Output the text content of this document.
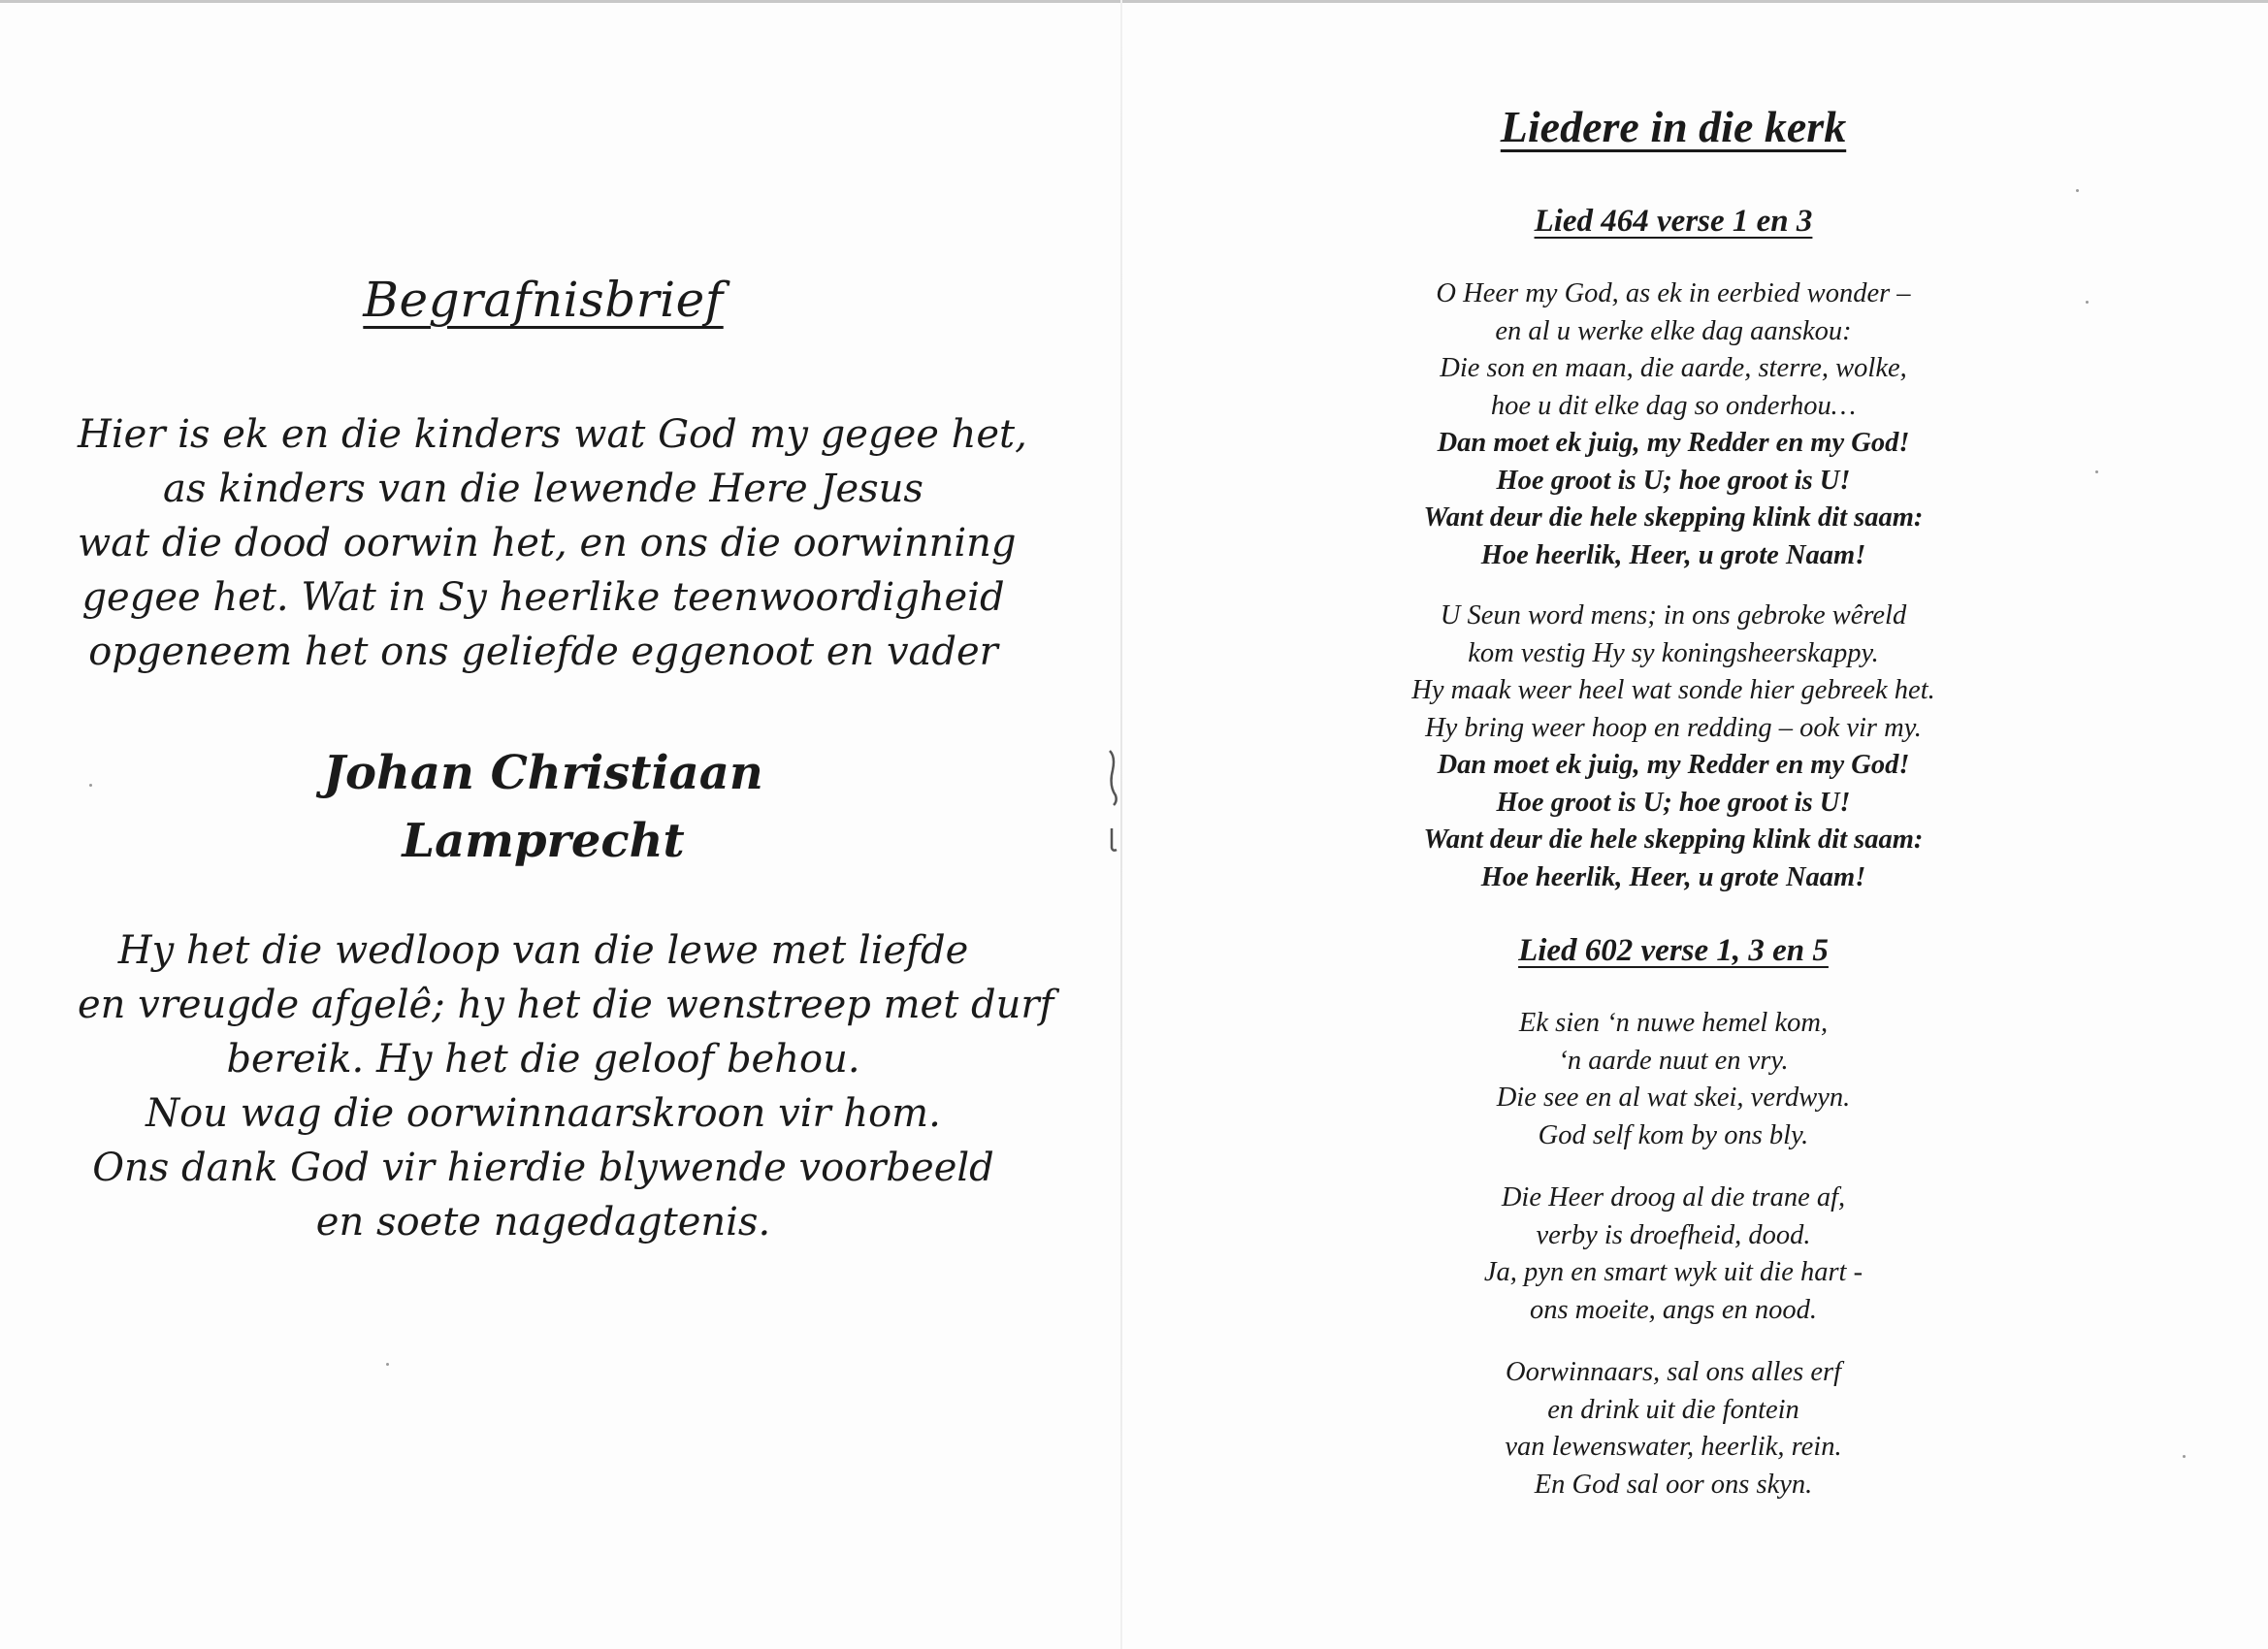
Begrafnisbrief
Hier is ek en die kinders wat God my gegee het,
as kinders van die lewende Here Jesus
wat die dood oorwin het, en ons die oorwinning
gegee het. Wat in Sy heerlike teenwoordigheid
opgeneem het ons geliefde eggenoot en vader
Johan Christiaan
Lamprecht
Hy het die wedloop van die lewe met liefde
en vreugde afgelê; hy het die wenstreep met durf
bereik. Hy het die geloof behou.
Nou wag die oorwinnaarskroon vir hom.
Ons dank God vir hierdie blywende voorbeeld
en soete nagedagtenis.
Liedere in die kerk
Lied 464 verse 1 en 3
O Heer my God, as ek in eerbied wonder –
en al u werke elke dag aanskou:
Die son en maan, die aarde, sterre, wolke,
hoe u dit elke dag so onderhou…
Dan moet ek juig, my Redder en my God!
Hoe groot is U; hoe groot is U!
Want deur die hele skepping klink dit saam:
Hoe heerlik, Heer, u grote Naam!
U Seun word mens; in ons gebroke wêreld
kom vestig Hy sy koningsheerskappy.
Hy maak weer heel wat sonde hier gebreek het.
Hy bring weer hoop en redding – ook vir my.
Dan moet ek juig, my Redder en my God!
Hoe groot is U; hoe groot is U!
Want deur die hele skepping klink dit saam:
Hoe heerlik, Heer, u grote Naam!
Lied 602 verse 1, 3 en 5
Ek sien ‘n nuwe hemel kom,
‘n aarde nuut en vry.
Die see en al wat skei, verdwyn.
God self kom by ons bly.
Die Heer droog al die trane af,
verby is droefheid, dood.
Ja, pyn en smart wyk uit die hart -
ons moeite, angs en nood.
Oorwinnaars, sal ons alles erf
en drink uit die fontein
van lewenswater, heerlik, rein.
En God sal oor ons skyn.
